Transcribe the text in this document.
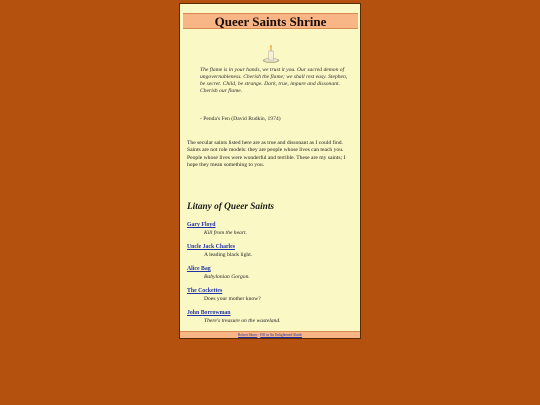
Queer Saints Shrine
The flame is in your hands, we trust it you. Our sacred demon of ungovernableness. Cherish the flame; we shall rest easy. Stephen, be secret. Child, be strange. Dark, true, impure and dissonant. Cherish our flame.
- Penda's Fen (David Rudkin, 1974)
The secular saints listed here are as true and dissonant as I could find. Saints are not role models: they are people whose lives can teach you. People whose lives were wonderful and terrible. These are my saints; I hope they mean something to you.
Litany of Queer Saints
Gary Floyd
Kill from the heart.
Uncle Jack Charles
A leading black light.
Alice Bag
Babylonian Gorgon.
The Cockettes
Does your mother know?
John Borrowman
There's treasure on the wasteland.
Robert Skoro · Fill in An Enlightened Shade
